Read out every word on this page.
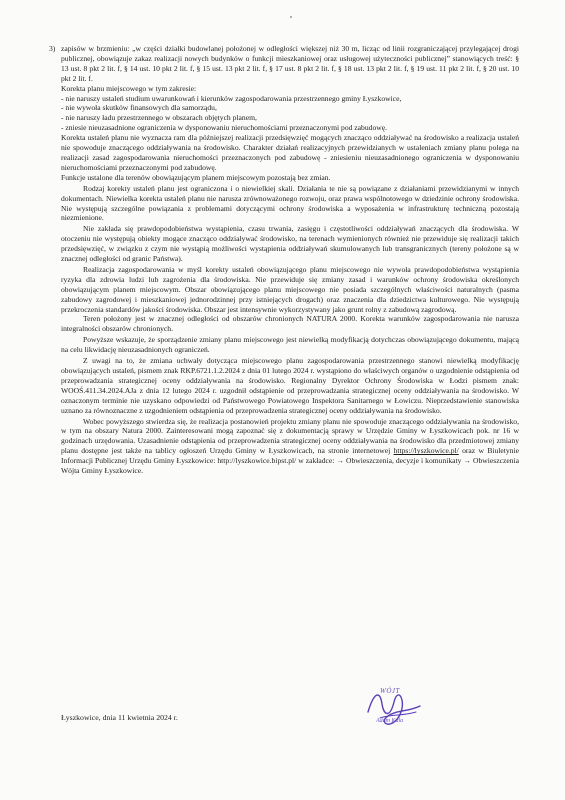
3) zapisów w brzmieniu: „w części działki budowlanej położonej w odległości większej niż 30 m, licząc od linii rozgraniczającej przylegającej drogi publicznej, obowiązuje zakaz realizacji nowych budynków o funkcji mieszkaniowej oraz usługowej użyteczności publicznej” stanowiących treść: § 13 ust. 8 pkt 2 lit. f, § 14 ust. 10 pkt 2 lit. f, § 15 ust. 13 pkt 2 lit. f, § 17 ust. 8 pkt 2 lit. f, § 18 ust. 13 pkt 2 lit. f, § 19 ust. 11 pkt 2 lit. f, § 20 ust. 10 pkt 2 lit. f.

Korekta planu miejscowego w tym zakresie:

- nie naruszy ustaleń studium uwarunkowań i kierunków zagospodarowania przestrzennego gminy Łyszkowice,

- nie wywoła skutków finansowych dla samorządu,

- nie naruszy ładu przestrzennego w obszarach objętych planem,

- zniesie nieuzasadnione ograniczenia w dysponowaniu nieruchomościami przeznaczonymi pod zabudowę.

Korekta ustaleń planu nie wyznacza ram dla późniejszej realizacji przedsięwzięć mogących znacząco oddziaływać na środowisko a realizacja ustaleń nie spowoduje znaczącego oddziaływania na środowisko. Charakter działań realizacyjnych przewidzianych w ustaleniach zmiany planu polega na realizacji zasad zagospodarowania nieruchomości przeznaczonych pod zabudowę - zniesieniu nieuzasadnionego ograniczenia w dysponowaniu nieruchomościami przeznaczonymi pod zabudowę.

Funkcje ustalone dla terenów obowiązującym planem miejscowym pozostają bez zmian.

Rodzaj korekty ustaleń planu jest ograniczona i o niewielkiej skali. Działania te nie są powiązane z działaniami przewidzianymi w innych dokumentach. Niewielka korekta ustaleń planu nie narusza zrównoważonego rozwoju, oraz prawa wspólnotowego w dziedzinie ochrony środowiska. Nie występują szczególne powiązania z problemami dotyczącymi ochrony środowiska a wyposażenia w infrastrukturę techniczną pozostają niezmienione.

Nie zakłada się prawdopodobieństwa wystąpienia, czasu trwania, zasięgu i częstotliwości oddziaływań znaczących dla środowiska. W otoczeniu nie występują obiekty mogące znacząco oddziaływać środowisko, na terenach wymienionych również nie przewiduje się realizacji takich przedsięwzięć, w związku z czym nie wystąpią możliwości wystąpienia oddziaływań skumulowanych lub transgranicznych (tereny położone są w znacznej odległości od granic Państwa).

Realizacja zagospodarowania w myśl korekty ustaleń obowiązującego planu miejscowego nie wywoła prawdopodobieństwa wystąpienia ryzyka dla zdrowia ludzi lub zagrożenia dla środowiska. Nie przewiduje się zmiany zasad i warunków ochrony środowiska określonych obowiązującym planem miejscowym. Obszar obowiązującego planu miejscowego nie posiada szczególnych właściwości naturalnych (pasma zabudowy zagrodowej i mieszkaniowej jednorodzinnej przy istniejących drogach) oraz znaczenia dla dziedzictwa kulturowego. Nie występują przekroczenia standardów jakości środowiska. Obszar jest intensywnie wykorzystywany jako grunt rolny z zabudową zagrodową.

Teren położony jest w znacznej odległości od obszarów chronionych NATURA 2000. Korekta warunków zagospodarowania nie narusza integralności obszarów chronionych.

Powyższe wskazuje, że sporządzenie zmiany planu miejscowego jest niewielką modyfikacją dotychczas obowiązującego dokumentu, mającą na celu likwidację nieuzasadnionych ograniczeń.

Z uwagi na to, że zmiana uchwały dotycząca miejscowego planu zagospodarowania przestrzennego stanowi niewielką modyfikację obowiązujących ustaleń, pismem znak RKP.6721.1.2.2024 z dnia 01 lutego 2024 r. wystąpiono do właściwych organów o uzgodnienie odstąpienia od przeprowadzania strategicznej oceny oddziaływania na środowisko. Regionalny Dyrektor Ochrony Środowiska w Łodzi pismem znak: WOOŚ.411.34.2024.AJa z dnia 12 lutego 2024 r. uzgodnił odstąpienie od przeprowadzania strategicznej oceny oddziaływania na środowisko. W oznaczonym terminie nie uzyskano odpowiedzi od Państwowego Powiatowego Inspektora Sanitarnego w Łowiczu. Nieprzedstawienie stanowiska uznano za równoznaczne z uzgodnieniem odstąpienia od przeprowadzenia strategicznej oceny oddziaływania na środowisko.

Wobec powyższego stwierdza się, że realizacja postanowień projektu zmiany planu nie spowoduje znaczącego oddziaływania na środowisko, w tym na obszary Natura 2000. Zainteresowani mogą zapoznać się z dokumentacją sprawy w Urzędzie Gminy w Łyszkowicach pok. nr 16 w godzinach urzędowania. Uzasadnienie odstąpienia od przeprowadzenia strategicznej oceny oddziaływania na środowisko dla przedmiotowej zmiany planu dostępne jest także na tablicy ogłoszeń Urzędu Gminy w Łyszkowicach, na stronie internetowej https://lyszkowice.pl/ oraz w Biuletynie Informacji Publicznej Urzędu Gminy Łyszkowice: http://lyszkowice.bipst.pl/ w zakładce: → Obwieszczenia, decyzje i komunikaty → Obwieszczenia Wójta Gminy Łyszkowice.

Łyszkowice, dnia 11 kwietnia 2024 r.
WÓJT
Adam Kula
